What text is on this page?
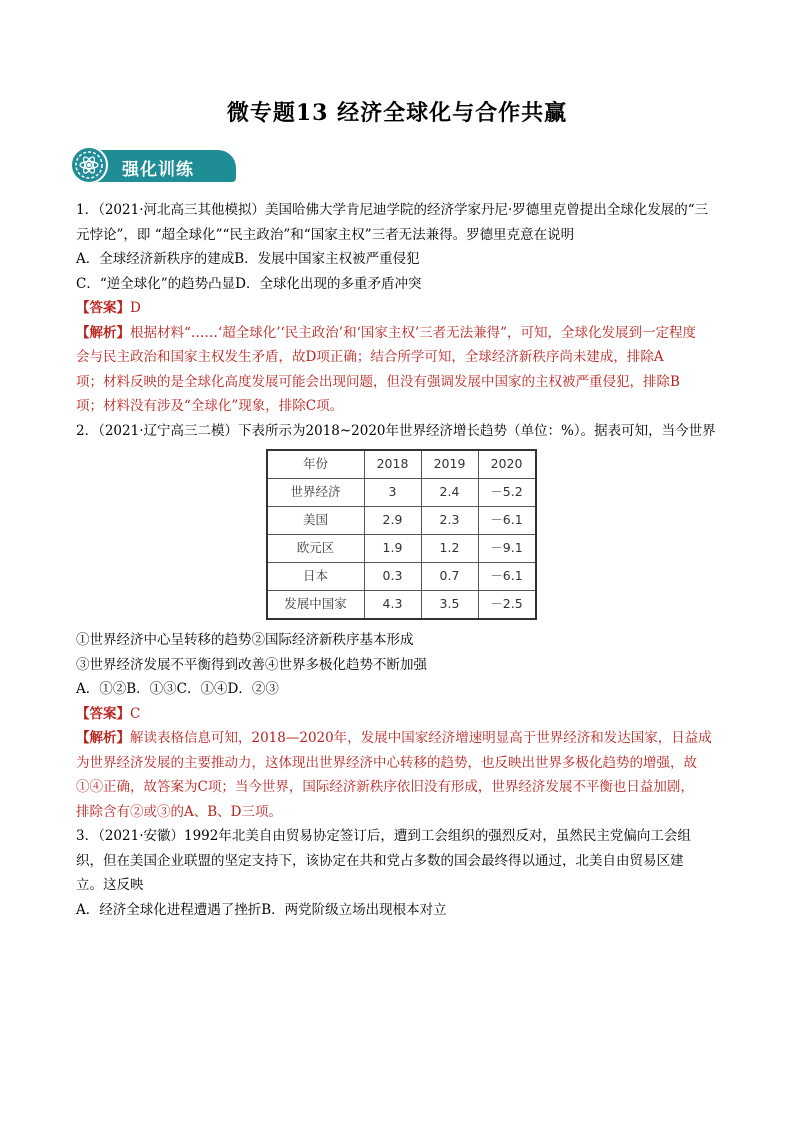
微专题13 经济全球化与合作共赢
强化训练

1．（2021·河北高三其他模拟）美国哈佛大学肯尼迪学院的经济学家丹尼·罗德里克曾提出全球化发展的“三

元悖论”，即 “超全球化”“民主政治”和“国家主权”三者无法兼得。罗德里克意在说明

A．全球经济新秩序的建成B．发展中国家主权被严重侵犯

C．“逆全球化”的趋势凸显D．全球化出现的多重矛盾冲突

【答案】D

【解析】根据材料“……‘超全球化’‘民主政治’和‘国家主权’三者无法兼得”，可知，全球化发展到一定程度

会与民主政治和国家主权发生矛盾，故D项正确；结合所学可知，全球经济新秩序尚未建成，排除A

项；材料反映的是全球化高度发展可能会出现问题，但没有强调发展中国家的主权被严重侵犯，排除B

项；材料没有涉及“全球化”现象，排除C项。

2．（2021·辽宁高三二模）下表所示为2018~2020年世界经济增长趋势（单位：%）。据表可知，当今世界

年份	2018	2019	2020
世界经济	3	2.4	－5.2
美国	2.9	2.3	－6.1
欧元区	1.9	1.2	－9.1
日本	0.3	0.7	－6.1
发展中国家	4.3	3.5	－2.5

①世界经济中心呈转移的趋势②国际经济新秩序基本形成

③世界经济发展不平衡得到改善④世界多极化趋势不断加强

A．①②B．①③C．①④D．②③

【答案】C

【解析】解读表格信息可知，2018—2020年，发展中国家经济增速明显高于世界经济和发达国家，日益成

为世界经济发展的主要推动力，这体现出世界经济中心转移的趋势，也反映出世界多极化趋势的增强，故

①④正确，故答案为C项；当今世界，国际经济新秩序依旧没有形成，世界经济发展不平衡也日益加剧，

排除含有②或③的A、B、D三项。

3．（2021·安徽）1992年北美自由贸易协定签订后，遭到工会组织的强烈反对，虽然民主党偏向工会组

织，但在美国企业联盟的坚定支持下，该协定在共和党占多数的国会最终得以通过，北美自由贸易区建

立。这反映

A．经济全球化进程遭遇了挫折B．两党阶级立场出现根本对立
